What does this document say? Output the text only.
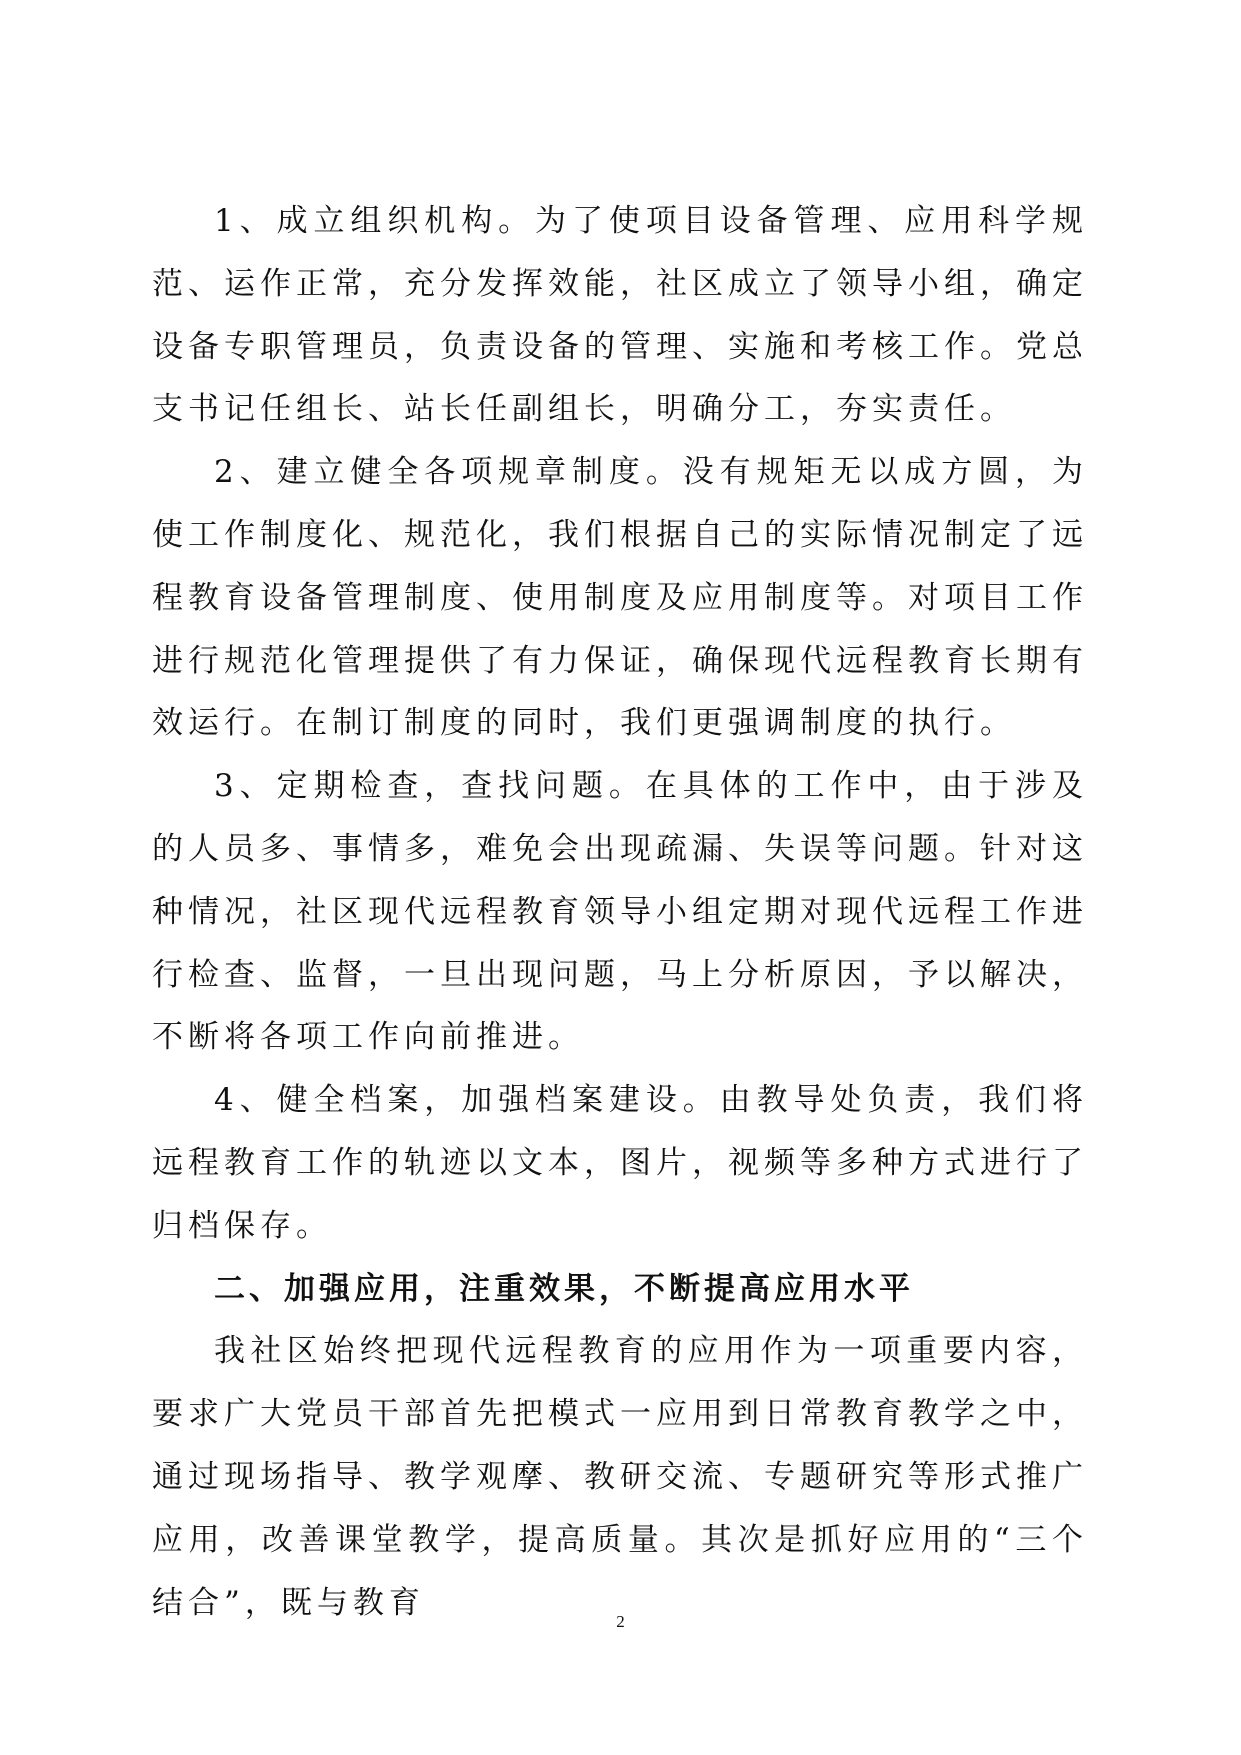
1、成立组织机构。为了使项目设备管理、应用科学规范、运作正常，充分发挥效能，社区成立了领导小组，确定设备专职管理员，负责设备的管理、实施和考核工作。党总支书记任组长、站长任副组长，明确分工，夯实责任。

2、建立健全各项规章制度。没有规矩无以成方圆，为使工作制度化、规范化，我们根据自己的实际情况制定了远程教育设备管理制度、使用制度及应用制度等。对项目工作进行规范化管理提供了有力保证，确保现代远程教育长期有效运行。在制订制度的同时，我们更强调制度的执行。

3、定期检查，查找问题。在具体的工作中，由于涉及的人员多、事情多，难免会出现疏漏、失误等问题。针对这种情况，社区现代远程教育领导小组定期对现代远程工作进行检查、监督，一旦出现问题，马上分析原因，予以解决，不断将各项工作向前推进。

4、健全档案，加强档案建设。由教导处负责，我们将远程教育工作的轨迹以文本，图片，视频等多种方式进行了归档保存。

二、加强应用，注重效果，不断提高应用水平

我社区始终把现代远程教育的应用作为一项重要内容，要求广大党员干部首先把模式一应用到日常教育教学之中，通过现场指导、教学观摩、教研交流、专题研究等形式推广应用，改善课堂教学，提高质量。其次是抓好应用的“三个结合”，既与教育

2
